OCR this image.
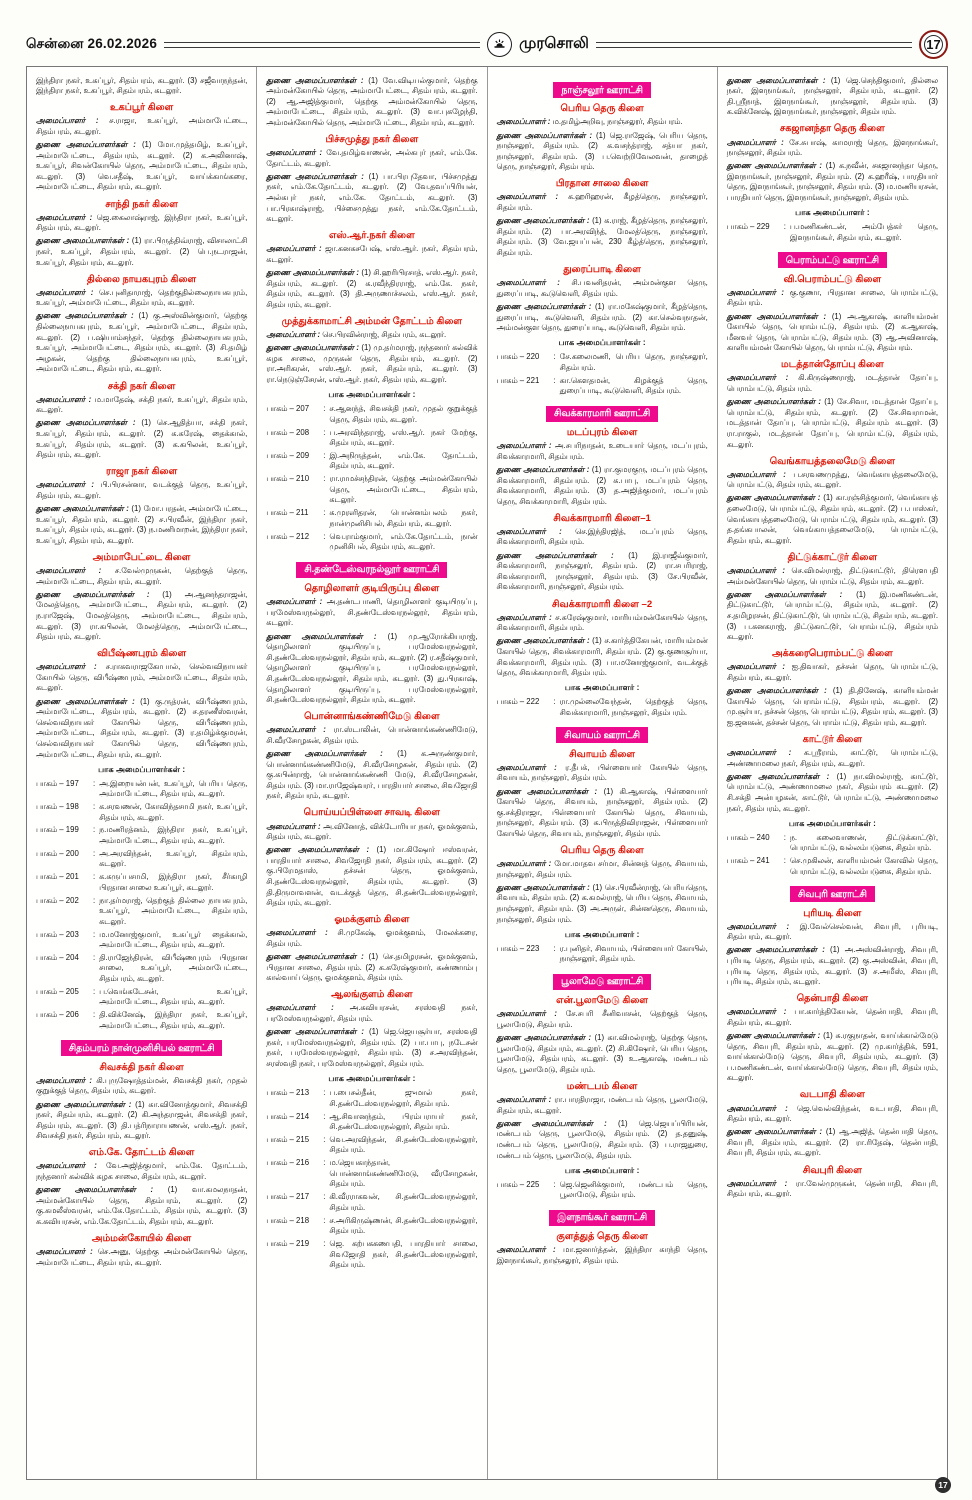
சென்னை 26.02.2026	முரசொலி	17

இந்திரா நகர், உகப்பூர், சிதம்பரம், கடலூர். (3) சஜீவாநந்தன், இந்திரா நகர், உகப்பூர், சிதம்பரம், கடலூர்.

உகப்பூர் கிளை

அமைப்பாளர் : ச.ராஜா, உகப்பூர், அம்மாபேட்டை, சிதம்பரம், கடலூர்.

துணை அமைப்பாளர்கள் : (1) மோ.முத்தமிழ், உகப்பூர், அம்மாபேட்டை, சிதம்பரம், கடலூர். (2) க.அலினாஷ், உகப்பூர், சிவன்கோயில் தெரு, அம்மாபேட்டை, சிதம்பரம், கடலூர். (3) வெ.சதீஷ், உகப்பூர், வாய்க்காங்கரை, அம்மாபேட்டை, சிதம்பரம், கடலூர்.

சாந்தி நகர் கிளை

அமைப்பாளர் : ஜெ.கைலாஷ்ராஜ், இந்திரா நகர், உகப்பூர், சிதம்பரம், கடலூர்.

துணை அமைப்பாளர்கள் : (1) ரா.பிருத்திவ்ராஜ், விசாலாட்சி நகர், உகப்பூர், சிதம்பரம், கடலூர். (2) பெ.நடராஜன், உகப்பூர், சிதம்பரம், கடலூர்.

தில்லை நாயகபுரம் கிளை

அமைப்பாளர் : செ.புனிதாராஜ், தெற்குதில்லைநாயகபுரம், உகப்பூர், அம்மாபேட்டை, சிதம்பரம், கடலூர்.

துணை அமைப்பாளர்கள் : (1) கு.அஸ்வின்குமார், தெற்கு தில்லைநாயகபுரம், உகப்பூர், அம்மாபேட்டை, சிதம்பரம், கடலூர். (2) ப.ஷியாம்சந்தர், தெற்கு தில்லைநாயகபுரம், உகப்பூர், அம்மாபேட்டை, சிதம்பரம், கடலூர். (3) சி.தமிழ் அழகன், தெற்கு தில்லைநாயகபுரம், உகப்பூர், அம்மாபேட்டை, சிதம்பரம், கடலூர்.

சக்தி நகர் கிளை

அமைப்பாளர் : ம.மாதேஷ், சக்தி நகர், உகப்பூர், சிதம்பரம், கடலூர்.

துணை அமைப்பாளர்கள் : (1) செ.ஆதித்யா, சக்தி நகர், உகப்பூர், சிதம்பரம், கடலூர். (2) க.கரேஷ், தைக்கால், உகப்பூர், சிதம்பரம், கடலூர். (3) க.கபிலன், உகப்பூர், சிதம்பரம், கடலூர்.

ராஜா நகர் கிளை

அமைப்பாளர் : பி.பிரசன்னா, வடக்குத் தெரு, உகப்பூர், சிதம்பரம், கடலூர்.

துணை அமைப்பாளர்கள் : (1) மோ.பரதன், அம்மாபேட்டை, உகப்பூர், சிதம்பரம், கடலூர். (2) ச.பிரவீன், இந்திரா நகர், உகப்பூர், சிதம்பரம், கடலூர். (3) ந.மணிமாறன், இந்திரா நகர், உகப்பூர், சிதம்பரம், கடலூர்.

அம்மாபேட்டை கிளை

அமைப்பாளர் : ச.வேல்முருகன், தெற்குத் தெரு, அம்மாபேட்டை, சிதம்பரம், கடலூர்.

துணை அமைப்பாளர்கள் : (1) அ.ஆனந்தராஜன், மேலத்தெரு, அம்மாபேட்டை, சிதம்பரம், கடலூர். (2) ந.ராஜேஷ், மேலத்தெரு, அம்மாபேட்டை, சிதம்பரம், கடலூர். (3) ரா.கபிலன், மேலத்தெரு, அம்மாபேட்டை, சிதம்பரம், கடலூர்.

விபீஷ்ணபுரம் கிளை

அமைப்பாளர் : ச.ராகவராஜகோபால், செல்வவிநாயகர் கோயில் தெரு, விபீஷ்ணபுரம், அம்மாபேட்டை, சிதம்பரம், கடலூர்.

துணை அமைப்பாளர்கள் : (1) கு.ருத்ரன், விபீஷ்ணபுரம், அம்மாபேட்டை, சிதம்பரம், கடலூர். (2) ச.தரணீஸ்வரன், செல்வவிநாயகர் கோயில் தெரு, விபீஷ்ணபுரம், அம்மாபேட்டை, சிதம்பரம், கடலூர். (3) ர.தமிழ்க்குமரன், செல்வவிநாயகர் கோயில் தெரு, விபீஷ்ணபுரம், அம்மாபேட்டை, சிதம்பரம், கடலூர்.

பாக அமைப்பாளர்கள் :
பாகம் – 197	: அ.இறையன்பன், உகப்பூர், பெரிய தெரு, அம்மாபேட்டை, சிதம்பரம், கடலூர்.
பாகம் – 198	: க.சரவணன், கோவிந்தசாமி நகர், உகப்பூர், சிதம்பரம், கடலூர்.
பாகம் – 199	: ந.மணிரத்னம், இந்திரா நகர், உகப்பூர், அம்மாபேட்டை, சிதம்பரம், கடலூர்.
பாகம் – 200	: அ.அரவிந்தன், உகப்பூர், சிதம்பரம், கடலூர்.
பாகம் – 201	: க.கருப்பசாமி, இந்திரா நகர், சீர்காழி பிரதான சாலை உகப்பூர், கடலூர்.
பாகம் – 202	: நா.தர்மராஜ், தெற்குத் தில்லை நாயகபுரம், உகப்பூர், அம்மாபேட்டை, சிதம்பரம், கடலூர்.
பாகம் – 203	: ம.மனோஜ்குமார், உகப்பூர் தைக்கால், அம்மாபேட்டை, சிதம்பரம், கடலூர்.
பாகம் – 204	: தி.ராஜேந்திரன், விபீஷ்ணபுரம் பிரதான சாலை, உகப்பூர், அம்மாபேட்டை, சிதம்பரம், கடலூர்.
பாகம் – 205	: ப.வெங்கடேசன், உகப்பூர், அம்மாபேட்டை, சிதம்பரம், கடலூர்.
பாகம் – 206	: தி.விக்னேஷ், இந்திரா நகர், உகப்பூர், அம்மாபேட்டை, சிதம்பரம், கடலூர்.
சிதம்பரம் நான்முனிசிபல் ஊராட்சி
சிவசக்தி நகர் கிளை

அமைப்பாளர் : கி.புருஷோத்தம்மன், சிவசக்தி நகர், முதல் குறுக்குத் தெரு, சிதம்பரம், கடலூர்.

துணை அமைப்பாளர்கள் : (1) கா.வினோத்குமார், சிவசக்தி நகர், சிதம்பரம், கடலூர். (2) கி.அந்தராஜன், சிவசக்தி நகர், சிதம்பரம், கடலூர். (3) தி.பத்ரிநாராயணன், எஸ்.ஆர். நகர், சிவசக்தி நகர், சிதம்பரம், கடலூர்.

எம்.கே. தோட்டம் கிளை

அமைப்பாளர் : வே.அஜித்குமார், எம்.கே. தோட்டம், நந்தனார் கல்விக் கழக சாலை, சிதம்பரம், கடலூர்.

துணை அமைப்பாளர்கள் : (1) வா.கமலநாதன், அம்மன்கோயில் தெரு, சிதம்பரம், கடலூர். (2) கு.கமலீஸ்வரன், எம்.கே.தோட்டம், சிதம்பரம், கடலூர். (3) க.கவியரசன், எம்.கே.தோட்டம், சிதம்பரம், கடலூர்.

அம்மன்கோயில் கிளை

அமைப்பாளர் : செ.அனு, தெற்கு அம்மன்கோயில் தெரு, அம்மாபேட்டை, சிதம்பரம், கடலூர்.

துணை அமைப்பாளர்கள் : (1) வே.விடியல்குமார், தெற்கு அம்மன்கோயில் தெரு, அம்மாபேட்டை, சிதம்பரம், கடலூர். (2) ஆ.அஜித்குமார், தெற்கு அம்மன்கோயில் தெரு, அம்மாபேட்டை, சிதம்பரம், கடலூர். (3) வா.புகழேந்தி, அம்மன்கோயில் தெரு, அம்மாபேட்டை, சிதம்பரம், கடலூர்.

பிச்சமுத்து நகர் கிளை

அமைப்பாளர் : வே.தமிழ்வாணன், அல்கபுர் நகர், எம்.கே. தோட்டம், கடலூர்.

துணை அமைப்பாளர்கள் : (1) பா.பிரபுதேவா, பிச்சமுத்து நகர், எம்.கே.தோட்டம், கடலூர். (2) வே.தவப்பிரியன், அல்கபுர் நகர், எம்.கே. தோட்டம், கடலூர். (3) பா.பிரகாஷ்ராஜ், பிச்சைமுத்து நகர், எம்.கே.தோட்டம், கடலூர்.

எஸ்.ஆர்.நகர் கிளை

அமைப்பாளர் : ஜா.கனகசபேஷ், எஸ்.ஆர். நகர், சிதம்பரம், கடலூர்.

துணை அமைப்பாளர்கள் : (1) சி.ஹரிபிரசாத், எஸ்.ஆர். நகர், சிதம்பரம், கடலூர். (2) க.ரவீந்திரராஜ், எம்.கே. நகர், சிதம்பரம், கடலூர். (3) தி.அருணாச்சலம், எஸ்.ஆர். நகர், சிதம்பரம், கடலூர்.

முத்துக்காமாட்சி அம்மன் தோட்டம் கிளை

அமைப்பாளர் : செ.பிரவின்ராஜ், சிதம்பரம், கடலூர்.

துணை அமைப்பாளர்கள் : (1) மு.தர்மராஜ், நந்தனார் கல்விக் கழக சாலை, முருகன் தெரு, சிதம்பரம், கடலூர். (2) ரா.அரிகரன், எஸ்.ஆர். நகர், சிதம்பரம், கடலூர். (3) ரா.நெடுஞ்சேரன், எஸ்.ஆர். நகர், சிதம்பரம், கடலூர்.

பாக அமைப்பாளர்கள் :
பாகம் – 207	: ச.ஆனந்த், சிவசக்தி நகர், முதல் குறுக்குத் தெரு, சிதம்பரம், கடலூர்.
பாகம் – 208	: ப.அரவிந்தராஜ், எஸ்.ஆர். நகர் மேற்கு, சிதம்பரம், கடலூர்.
பாகம் – 209	: இ.அநிருத்தன், எம்.கே. தோட்டம், சிதம்பரம், கடலூர்.
பாகம் – 210	: ரா.ராமச்சந்திரன், தெற்கு அம்மன்கோயில் தெரு, அம்மாபேட்டை, சிதம்பரம், கடலூர்.
பாகம் – 211	: க.முரளிதரன், பொன்னம்பலம் நகர், நான்முனிசிபல், சிதம்பரம், கடலூர்.
பாகம் – 212	: வெ.ராம்குமார், எம்.கே.தோட்டம், நான் முனிசிபல், சிதம்பரம், கடலூர்.
சி.தண்டேஸ்வரநல்லூர் ஊராட்சி
தொழிலாளர் குடியிருப்பு கிளை

அமைப்பாளர் : அ.தண்டபாணி, தொழிலாளர் குடியிருப்பு, பரமேஸ்வரநல்லூர், சி.தண்டேஸ்வரநல்லூர், சிதம்பரம், கடலூர்.

துணை அமைப்பாளர்கள் : (1) மு.ஆரோக்கியராஜ், தொழிலாளர் குடியிருப்பு, பரமேஸ்வரநல்லூர், சி.தண்டேஸ்வரநல்லூர், சிதம்பரம், கடலூர். (2) ர.சதீஷ்குமார், தொழிலாளர் குடியிருப்பு, பரமேஸ்வரநல்லூர், சி.தண்டேஸ்வரநல்லூர், சிதம்பரம், கடலூர். (3) து.பிரகாஷ், தொழிலாளர் குடியிருப்பு, பரமேஸ்வரநல்லூர், சி.தண்டேஸ்வரநல்லூர், சிதம்பரம், கடலூர்.

பொன்னாங்கண்ணிமேடு கிளை

அமைப்பாளர் : ரா.ஸ்டாலின், பொன்னாங்கண்ணிமேடு, சி.வீரசோழகன், சிதம்பரம்.

துணை அமைப்பாளர்கள் : (1) க.அருண்குமார், பொன்னாங்கண்ணிமேடு, சி.வீரசோழகன், சிதம்பரம். (2) கு.கபின்ராஜ், பொன்னாங்கண்ணி மேடு, சி.வீரசோழகன், சிதம்பரம். (3) மா.ராஜேஷ்வரர், பாரதியார் சாலை, சிவஜோதி நகர், சிதம்பரம், கடலூர்.

பொய்யப்பிள்ளை சாவடி கிளை

அமைப்பாளர் : அ.வினோத், விக்டோரியா நகர், ஓமக்குளம், சிதம்பரம், கடலூர்.

துணை அமைப்பாளர்கள் : (1) மா.கிஷோர் ஈஸ்வரன், பாரதியார் சாலை, சிவஜோதி நகர், சிதம்பரம், கடலூர். (2) கு.பிரேமதாஸ், தச்சன் தெரு, ஓமக்குளம், சி.தண்டேஸ்வரநல்லூர், சிதம்பரம், கடலூர். (3) தி.திருமாவளன், வடக்குத் தெரு, சி.தண்டேஸ்வரநல்லூர், சிதம்பரம், கடலூர்.

ஓமக்குளம் கிளை

அமைப்பாளர் : சி.முகேஷ், ஓமக்குளம், மேலக்கரை, சிதம்பரம்.

துணை அமைப்பாளர்கள் : (1) செ.தமிழரசன், ஓமக்குளம், பிரதான சாலை, சிதம்பரம். (2) க.கரேஷ்குமார், கண்ணாம்பு கால்வாய் தெரு, ஓமக்குளம், சிதம்பரம்.

ஆலங்குளம் கிளை

அமைப்பாளர் : அ.கவியரசன், சரஸ்வதி நகர், பரமேஸ்வரநல்லூர், சிதம்பரம்.

துணை அமைப்பாளர்கள் : (1) ஜெ.ஜெயசூர்யா, சரஸ்வதி நகர், பரமேஸ்வரநல்லூர், சிதம்பரம். (2) பா.பாபு, நடேசன் நகர், பரமேஸ்வரநல்லூர், சிதம்பரம். (3) ச.அரவிந்தன், சரஸ்வதி நகர், பரமேஸ்வரநல்லூர், சிதம்பரம்.

பாக அமைப்பாளர்கள் :
பாகம் – 213	: ப.பைசல்தீன், ஜுமால் நகர், சி.தண்டேஸ்வரநல்லூர், சிதம்பரம்.
பாகம் – 214	: ஆ.சிவானந்தம், பிரம்பராயர் நகர், சி.தண்டேஸ்வரநல்லூர், சிதம்பரம்.
பாகம் – 215	: வெ.அரவிந்தன், சி.தண்டேஸ்வரநல்லூர், சிதம்பரம்.
பாகம் – 216	: ம.ஜெயகாந்தான், பொன்னாங்கண்ணிமேடு, வீரசோழகன், சிதம்பரம்.
பாகம் – 217	: கி.வீரராகவன், சி.தண்டேஸ்வரநல்லூர், சிதம்பரம்.
பாகம் – 218	: ச.அரிகிருஷ்ணன், சி.தண்டேஸ்வரநல்லூர், சிதம்பரம்.
பாகம் – 219	: ஜெ. கற்பககணபதி, பாரதியார் சாலை, சிவஜோதி நகர், சி.தண்டேஸ்வரநல்லூர், சிதம்பரம்.
நாஞ்சலூர் ஊராட்சி
பெரிய தெரு கிளை

அமைப்பாளர் : ம.தமிழ்அறிவு, நாஞ்சலூர், சிதம்பரம்.

துணை அமைப்பாளர்கள் : (1) ஜெ.ராஜேஷ், பெரிய தெரு, நாஞ்சலூர், சிதம்பரம். (2) க.வசந்த்ராஜ், சத்யா நகர், நாஞ்சலூர், சிதம்பரம். (3) ப.வெற்றிவேலவன், தாழைத் தெரு, நாஞ்சலூர், சிதம்பரம்.

பிரதான சாலை கிளை

அமைப்பாளர் : க.ஹரிஹரன், கீழத்தெரு, நாஞ்சலூர், சிதம்பரம்.

துணை அமைப்பாளர்கள் : (1) க.ராஜ், கீழத்தெரு, நாஞ்சலூர், சிதம்பரம். (2) பா.அரவிந்த், மேலத்தெரு, நாஞ்சலூர், சிதம்பரம். (3) வே.ஜயப்பன், 230 கீழ்த்தெரு, நாஞ்சலூர், சிதம்பரம்.

துரைப்பாடி கிளை

அமைப்பாளர் : சி.பவனிதரன், அம்மன்குள தெரு, துரைப்பாடி, கூடுவெளி, சிதம்பரம்.

துணை அமைப்பாளர்கள் : (1) ரா.மகேஷ்குமார், கீழத்தெரு, துரைப்பாடி, கூடுவெளி, சிதம்பரம். (2) கா.செல்வநாதன், அம்மன்குள தெரு, துரைப்பாடி, கூடுவெளி, சிதம்பரம்.

பாக அமைப்பாளர்கள் :
பாகம் – 220	: சே.கலைமணி, பெரிய தெரு, நாஞ்சலூர், சிதம்பரம்.
பாகம் – 221	: கா.கௌதமன், கிழக்குத் தெரு, துரைப்பாடி, கூடுவெளி, சிதம்பரம்.
சிவக்காரமாரி ஊராட்சி
மடப்புரம் கிளை

அமைப்பாளர் : அ.சபரிநாதன், உடையார் தெரு, மடப்புரம், சிவக்காரமாரி, சிதம்பரம்.

துணை அமைப்பாளர்கள் : (1) ரா.குமரகுரு, மடப்புரம் தெரு, சிவக்காரமாரி, சிதம்பரம். (2) க.பாபு, மடப்புரம் தெரு, சிவக்காரமாரி, சிதம்பரம். (3) த.அஜித்குமார், மடப்புரம் தெரு, சிவக்காரமாரி, சிதம்பரம்.

சிவக்காரமாரி கிளை–1

அமைப்பாளர் : செ.இந்திரஜித், மடப்புரம் தெரு, சிவக்காரமாரி, சிதம்பரம்.

துணை அமைப்பாளர்கள் : (1) இ.ராஜீவ்குமார், சிவக்காரமாரி, நாஞ்சலூர், சிதம்பரம். (2) ரா.சபரிராஜ், சிவக்காரமாரி, நாஞ்சலூர், சிதம்பரம். (3) சே.பிரவீன், சிவக்காரமாரி, நாஞ்சலூர், சிதம்பரம்.

சிவக்காரமாரி கிளை –2

அமைப்பாளர் : ச.சுரேஷ்குமார், மாரியம்மன்கோயில் தெரு, சிவக்காரமாரி, சிதம்பரம்.

துணை அமைப்பாளர்கள் : (1) ச.கார்த்திகேயன், மாரியம்மன் கோயில் தெரு, சிவக்காரமாரி, சிதம்பரம். (2) கு.குணசூர்யா, சிவக்காரமாரி, சிதம்பரம். (3) பா.மனோஜ்குமார், வடக்குத் தெரு, சிவக்காரமாரி, சிதம்பரம்.

பாக அமைப்பாளர் :
பாகம் – 222	: ரா.முல்லைவேந்தன், தெற்குத் தெரு, சிவக்காரமாரி, நாஞ்சலூர், சிதம்பரம்.
சிவாயம் ஊராட்சி
சிவாயம் கிளை

அமைப்பாளர் : ர.தீபக், பிள்ளையார் கோயில் தெரு, சிவாயம், நாஞ்சலூர், சிதம்பரம்.

துணை அமைப்பாளர்கள் : (1) கி.ஆகாஷ், பிள்ளையார் கோயில் தெரு, சிவாயம், நாஞ்சலூர், சிதம்பரம். (2) கு.சக்திராஜா, பிள்ளையார் கோயில் தெரு, சிவாயம், நாஞ்சலூர், சிதம்பரம். (3) க.பிருத்திவிராஜன், பிள்ளையார் கோயில் தெரு, சிவாயம், நாஞ்சலூர், சிதம்பரம்.

பெரிய தெரு கிளை

அமைப்பாளர் : மோ.மாதவ சர்மா, சின்னத் தெரு, சிவாயம், நாஞ்சலூர், சிதம்பரம்.

துணை அமைப்பாளர்கள் : (1) செ.பிரவீன்ராஜ், பெரியதெரு, சிவாயம், சிதம்பரம். (2) க.கமல்ராஜ், பெரிய தெரு, சிவாயம், நாஞ்சலூர், சிதம்பரம். (3) அ.அருள், சின்னதெரு, சிவாயம், நாஞ்சலூர், சிதம்பரம்.

பாக அமைப்பாளர் :
பாகம் – 223	: ர.புனிதர், சிவாயம், பிள்ளையார் கோயில், நாஞ்சலூர், சிதம்பரம்.
பூலாமேடு ஊராட்சி
என்.பூலாமேடு கிளை

அமைப்பாளர் : சே.சபரி சீனிவாசன், தெற்குத் தெரு, பூலாமேடு, சிதம்பரம்.

துணை அமைப்பாளர்கள் : (1) கா.விமல்ராஜ், தெற்கு தெரு, பூலாமேடு, சிதம்பரம், கடலூர். (2) சி.கிஷோர், பெரிய தெரு, பூலாமேடு, சிதம்பரம், கடலூர். (3) உ.ஆகாஷ், மண்டபம் தெரு, பூலாமேடு, சிதம்பரம்.

மண்டபம் கிளை

அமைப்பாளர் : ரா.பாரதிராஜா, மண்டபம் தெரு, பூலாமேடு, சிதம்பரம், கடலூர்.

துணை அமைப்பாளர்கள் : (1) ஜெ.ஜெயப்பிரியன், மண்டபம் தெரு, பூலாமேடு, சிதம்பரம். (2) த.தனுஷ், மண்டபம் தெரு, பூலாமேடு, சிதம்பரம். (3) ப.ராஜதுரை, மண்டபம் தெரு, பூலாமேடு, சிதம்பரம்.

பாக அமைப்பாளர் :
பாகம் – 225	: ஜெ.ஜெனிக்குமார், மண்டபம் தெரு, பூலாமேடு, சிதம்பரம்.
இளநாங்கூர் ஊராட்சி
குளத்துத் தெரு கிளை

அமைப்பாளர் : மா.ஜனார்த்தன், இந்திரா காந்தி தெரு, இளநாங்கூர், நாஞ்சலூர், சிதம்பரம்.

துணை அமைப்பாளர்கள் : (1) ஜெ.செந்திகுமார், தில்லை நகர், இளநாங்கூர், நாஞ்சலூர், சிதம்பரம், கடலூர். (2) தி.ஸ்ரீநாத், இளநாங்கூர், நாஞ்சலூர், சிதம்பரம். (3) க.விக்னேஷ், இளநாங்கூர், நாஞ்சலூர், சிதம்பரம்.

சகஜானந்தா தெரு கிளை

அமைப்பாளர் : சே.சுபாஷ், காமராஜ் தெரு, இளநாங்கூர், நாஞ்சலூர், சிதம்பரம்.

துணை அமைப்பாளர்கள் : (1) க.நவீன், சகஜானந்தா தெரு, இளநாங்கூர், நாஞ்சலூர், சிதம்பரம். (2) க.ஹரீஷ், பாரதியார் தெரு, இளநாங்கூர், நாஞ்சலூர், சிதம்பரம். (3) ம.மணியரசன், பாரதியார் தெரு, இளநாங்கூர், நாஞ்சலூர், சிதம்பரம்.

பாக அமைப்பாளர் :
பாகம் – 229	: ப.மணிகண்டன், அம்பேத்கர் தெரு, இளநாங்கூர், சிதம்பரம், கடலூர்.
பெராம்பட்டு ஊராட்சி
வி.பெராம்பட்டு கிளை

அமைப்பாளர் : கு.குணா, பிரதான சாலை, பெராம்பட்டு, சிதம்பரம்.

துணை அமைப்பாளர்கள் : (1) அ.ஆகாஷ், காளியம்மன் கோயில் தெரு, பெராம்பட்டு, சிதம்பரம். (2) க.ஆகாஷ், மீனவர் தெரு, பெராம்பட்டு, சிதம்பரம். (3) ஆ.அவினாஷ், காளியம்மன் கோயில் தெரு, பெராம்பட்டு, சிதம்பரம்.

மடத்தான்தோப்பு கிளை

அமைப்பாளர் : கி.கிருஷ்ணராஜ், மடத்தான் தோப்பு, பெராம்பட்டு, சிதம்பரம்.

துணை அமைப்பாளர்கள் : (1) சே.சிவா, மடத்தான் தோப்பு, பெராம்பட்டு, சிதம்பரம், கடலூர். (2) சே.சிவராமன், மடத்தான் தோப்பு, பெராம்பட்டு, சிதம்பரம் கடலூர். (3) ரா.ராகுல், மடத்தான் தோப்பு, பெராம்பட்டு, சிதம்பரம், கடலூர்.

வெங்காயத்தலைமேடு கிளை

அமைப்பாளர் : ப.சரவணமுத்து, வெங்காயத்தலைமேடு, பெராம்பட்டு, சிதம்பரம், கடலூர்.

துணை அமைப்பாளர்கள் : (1) கா.ரஞ்சித்குமார், வெங்காயத் தலைமேடு, பெராம்பட்டு, சிதம்பரம், கடலூர். (2) ப.பாஸ்கர், வெங்காயத்தலைமேடு, பெராம்பட்டு, சிதம்பரம், கடலூர். (3) த.தங்கபாலன், வெங்காயத்தலைமேடு, பெராம்பட்டு, சிதம்பரம், கடலூர்.

திட்டுக்காட்டூர் கிளை

அமைப்பாளர் : செ.விமல்ராஜ், திட்டுகாட்டூர், திரௌபதி அம்மன்கோயில் தெரு, பெராம்பட்டு, சிதம்பரம், கடலூர்.

துணை அமைப்பாளர்கள் : (1) இ.மணிகண்டன், திட்டுகாட்டூர், பெராம்பட்டு, சிதம்பரம், கடலூர். (2) ச.தமிழரசன், திட்டுகாட்டூர், பெராம்பட்டு, சிதம்பரம், கடலூர். (3) ப.கனகராஜ், திட்டுகாட்டூர், பெராம்பட்டு, சிதம்பரம் கடலூர்.

அக்கரைபெராம்பட்டு கிளை

அமைப்பாளர் : ஐ.திவாகர், தச்சன் தெரு, பெராம்பட்டு, சிதம்பரம், கடலூர்.

துணை அமைப்பாளர்கள் : (1) தி.தினேஷ், காளியம்மன் கோயில் தெரு, பெராம்பட்டு, சிதம்பரம், கடலூர். (2) மு.சூர்யா, தச்சன் தெரு, பெராம்பட்டு, சிதம்பரம், கடலூர். (3) ஐ.ஜனகன், தச்சன் தெரு, பெராம்பட்டு, சிதம்பரம், கடலூர்.

காட்டூர் கிளை

அமைப்பாளர் : க.ஸ்ரீராம், காட்டூர், பெராம்பட்டு, அண்ணாமலை நகர், சிதம்பரம், கடலூர்.

துணை அமைப்பாளர்கள் : (1) நா.விமல்ராஜ், காட்டூர், பெராம்பட்டு, அண்ணாமலை நகர், சிதம்பரம் கடலூர். (2) சி.சக்தி அன்பழகன், காட்டூர், பெராம்பட்டு, அண்ணாமலை நகர், சிதம்பரம், கடலூர்.

பாக அமைப்பாளர்கள் :
பாகம் – 240	: ந. கலைவாணன், திட்டுக்காட்டூர், பெராம்பட்டு, வல்லம்படுகை, சிதம்பரம்.
பாகம் – 241	: செ.முகிலன், காளியம்மன் கோவில் தெரு, பெராம்பட்டு, வல்லம்படுகை, சிதம்பரம்.
சிவபுரி ஊராட்சி
புரியடி கிளை

அமைப்பாளர் : இ.வேல்செல்வன், சிவபுரி, புரியடி, சிதம்பரம், கடலூர்.

துணை அமைப்பாளர்கள் : (1) அ.அஸ்வின்ராஜ், சிவபுரி, புரியடி தெரு, சிதம்பரம், கடலூர். (2) கு.அஸ்வின், சிவபுரி, புரியடி தெரு, சிதம்பரம், கடலூர். (3) ச.அமீஸ், சிவபுரி, புரியடி, சிதம்பரம், கடலூர்.

தென்பாதி கிளை

அமைப்பாளர் : பா.கார்த்திகேயன், தென்பாதி, சிவபுரி, சிதம்பரம், கடலூர்.

துணை அமைப்பாளர்கள் : (1) சு.ரகுநாதன், வாய்க்கால்மேடு தெரு, சிவபுரி, சிதம்பரம், கடலூர். (2) மு.கார்த்திக், 591, வாய்க்கால்மேடு தெரு, சிவபுரி, சிதம்பரம், கடலூர். (3) ப.மணிகண்டன், வாய்க்கால்மேடு தெரு, சிவபுரி, சிதம்பரம், கடலூர்.

வடபாதி கிளை

அமைப்பாளர் : ஜெ.வெல்விந்தன், வடபாதி, சிவபுரி, சிதம்பரம், கடலூர்.

துணை அமைப்பாளர்கள் : (1) ஆ.அஜித், தென்பாதி தெரு, சிவபுரி, சிதம்பரம், கடலூர். (2) ரா.ரிதேஷ், தென்பாதி, சிவபுரி, சிதம்பரம், கடலூர்.

சிவபுரி கிளை

அமைப்பாளர் : ரா.வேல்முருகன், தென்பாதி, சிவபுரி, சிதம்பரம், கடலூர்.

17
